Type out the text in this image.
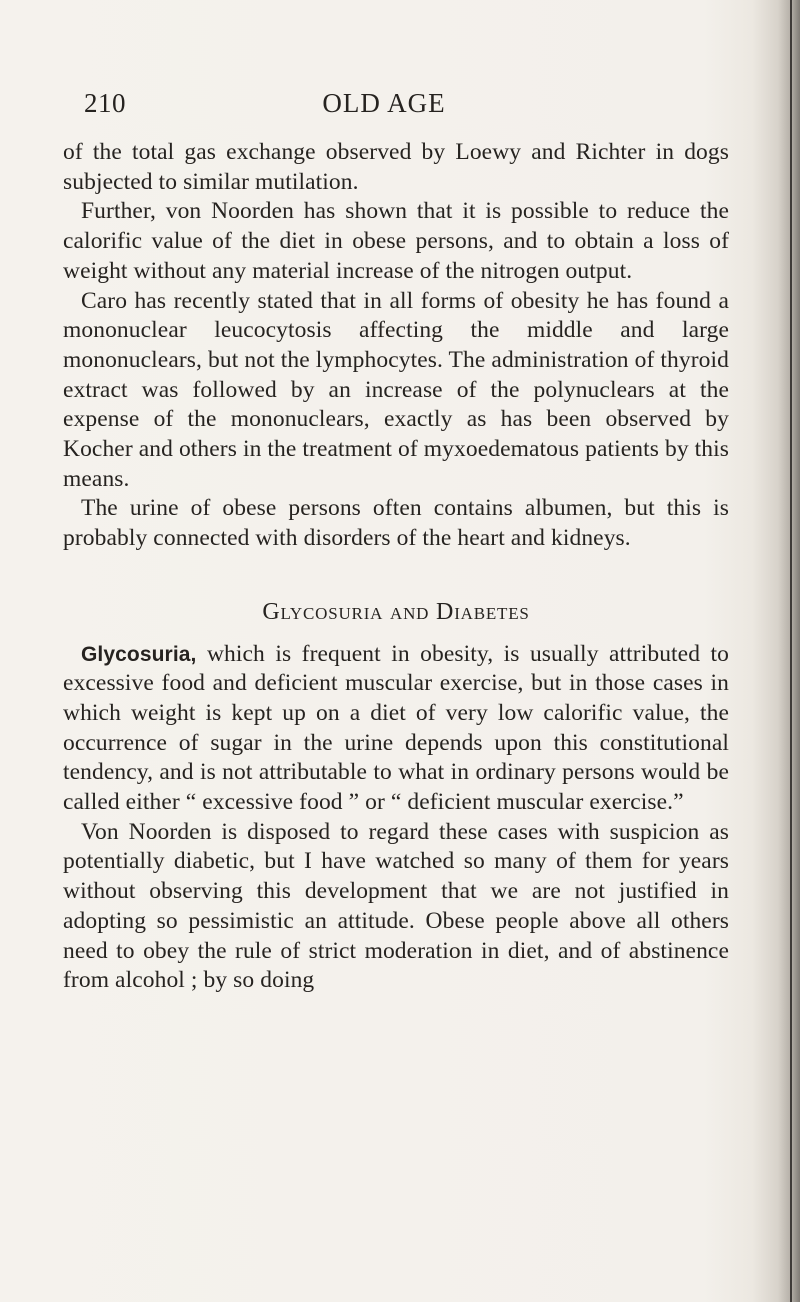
210	OLD AGE

of the total gas exchange observed by Loewy and Richter in dogs subjected to similar mutilation.

Further, von Noorden has shown that it is possible to reduce the calorific value of the diet in obese persons, and to obtain a loss of weight without any material increase of the nitrogen output.

Caro has recently stated that in all forms of obesity he has found a mononuclear leucocytosis affecting the middle and large mononuclears, but not the lymphocytes. The administration of thyroid extract was followed by an increase of the polynuclears at the expense of the mononuclears, exactly as has been observed by Kocher and others in the treatment of myxoedematous patients by this means.

The urine of obese persons often contains albumen, but this is probably connected with disorders of the heart and kidneys.

Glycosuria and Diabetes

Glycosuria, which is frequent in obesity, is usually attributed to excessive food and deficient muscular exercise, but in those cases in which weight is kept up on a diet of very low calorific value, the occurrence of sugar in the urine depends upon this constitutional tendency, and is not attributable to what in ordinary persons would be called either “ excessive food ” or “ deficient muscular exercise.”

Von Noorden is disposed to regard these cases with suspicion as potentially diabetic, but I have watched so many of them for years without observing this development that we are not justified in adopting so pessimistic an attitude. Obese people above all others need to obey the rule of strict moderation in diet, and of abstinence from alcohol ; by so doing
